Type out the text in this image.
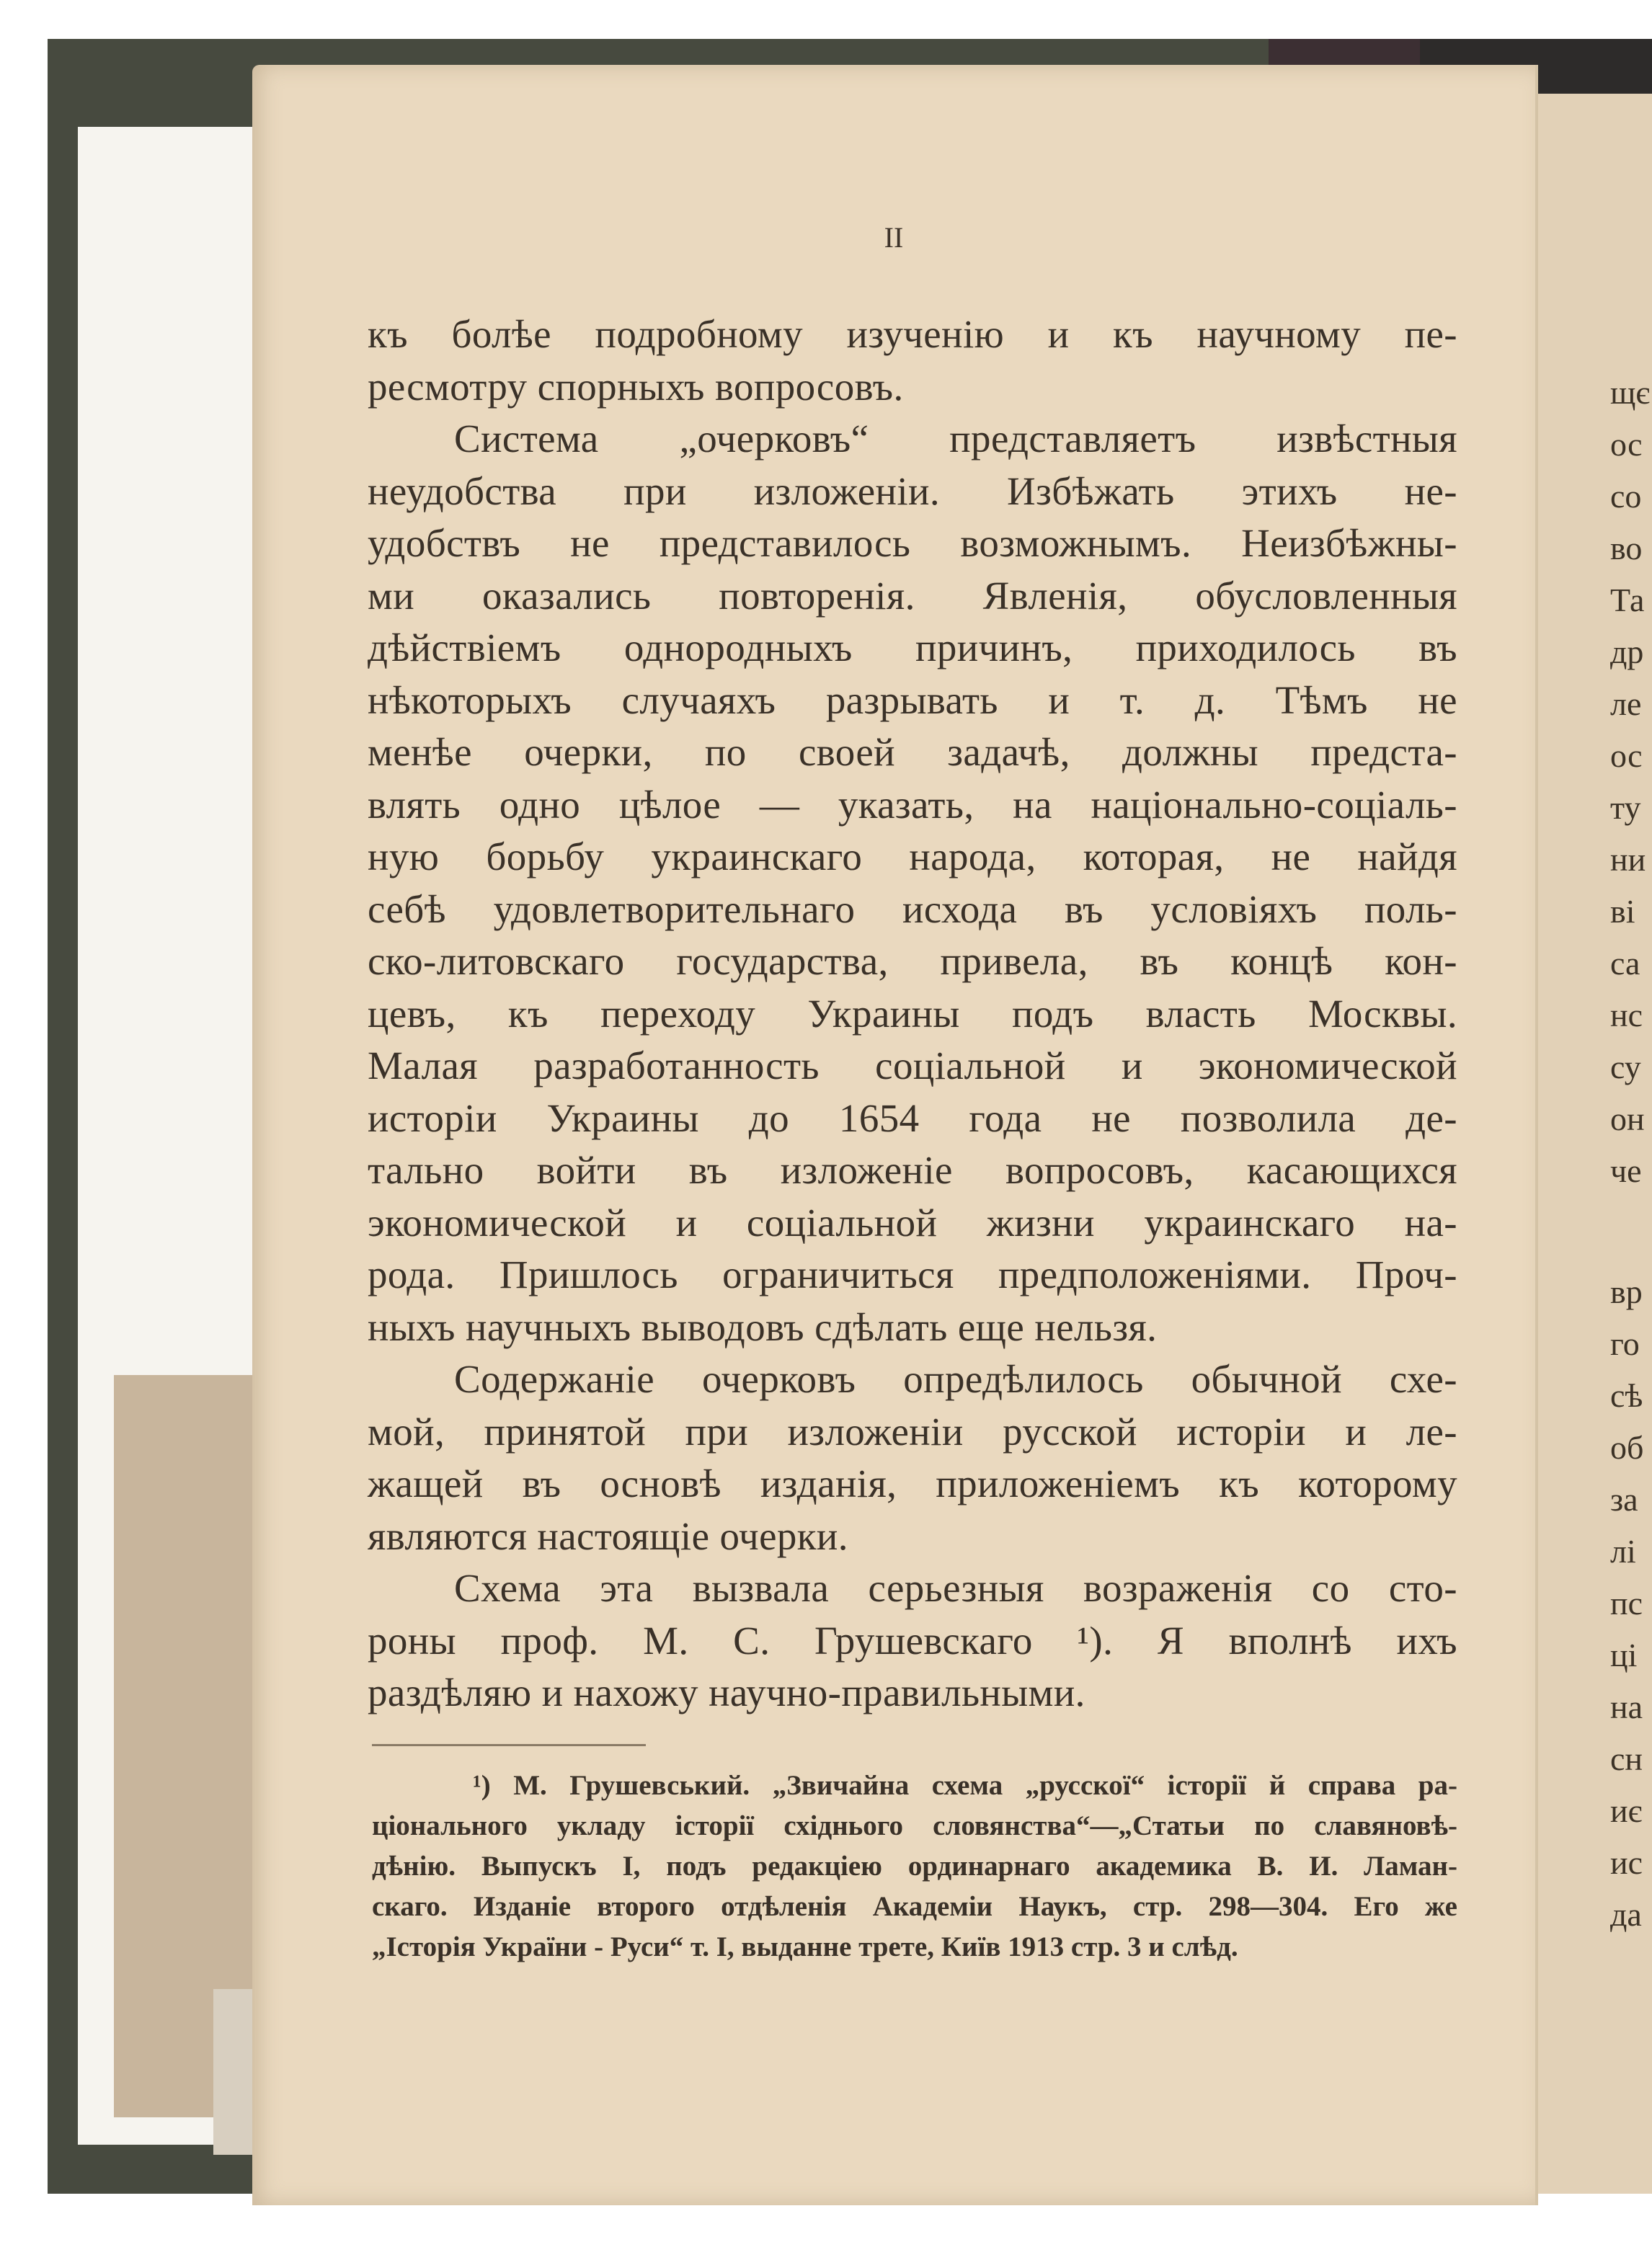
щє
ос
со
во
Та
др
ле
ос
ту
ни
ві
са
нс
су
он
че
вр
го
сѣ
об
за
лі
пс
ці
на
сн
иє
ис
да
II
къ болѣе подробному изученію и къ научному пе-
ресмотру спорныхъ вопросовъ.
Система „очерковъ“ представляетъ извѣстныя
неудобства при изложеніи. Избѣжать этихъ не-
удобствъ не представилось возможнымъ. Неизбѣжны-
ми оказались повторенія. Явленія, обусловленныя
дѣйствіемъ однородныхъ причинъ, приходилось въ
нѣкоторыхъ случаяхъ разрывать и т. д. Тѣмъ не
менѣе очерки, по своей задачѣ, должны предста-
влять одно цѣлое — указать, на національно-соціаль-
ную борьбу украинскаго народа, которая, не найдя
себѣ удовлетворительнаго исхода въ условіяхъ поль-
ско-литовскаго государства, привела, въ концѣ кон-
цевъ, къ переходу Украины подъ власть Москвы.
Малая разработанность соціальной и экономической
исторіи Украины до 1654 года не позволила де-
тально войти въ изложеніе вопросовъ, касающихся
экономической и соціальной жизни украинскаго на-
рода. Пришлось ограничиться предположеніями. Проч-
ныхъ научныхъ выводовъ сдѣлать еще нельзя.
Содержаніе очерковъ опредѣлилось обычной схе-
мой, принятой при изложеніи русской исторіи и ле-
жащей въ основѣ изданія, приложеніемъ къ которому
являются настоящіе очерки.
Схема эта вызвала серьезныя возраженія со сто-
роны проф. М. С. Грушевскаго ¹). Я вполнѣ ихъ
раздѣляю и нахожу научно-правильными.
¹) М. Грушевський. „Звичайна схема „русскої“ історії й справа ра-
ціонального укладу історії східнього словянства“—„Статьи по славяновѣ-
дѣнію. Выпускъ I, подъ редакціею ординарнаго академика В. И. Ламан-
скаго. Изданіе второго отдѣленія Академіи Наукъ, стр. 298—304. Его же
„Історія України - Руси“ т. I, выданне трете, Київ 1913 стр. 3 и слѣд.
